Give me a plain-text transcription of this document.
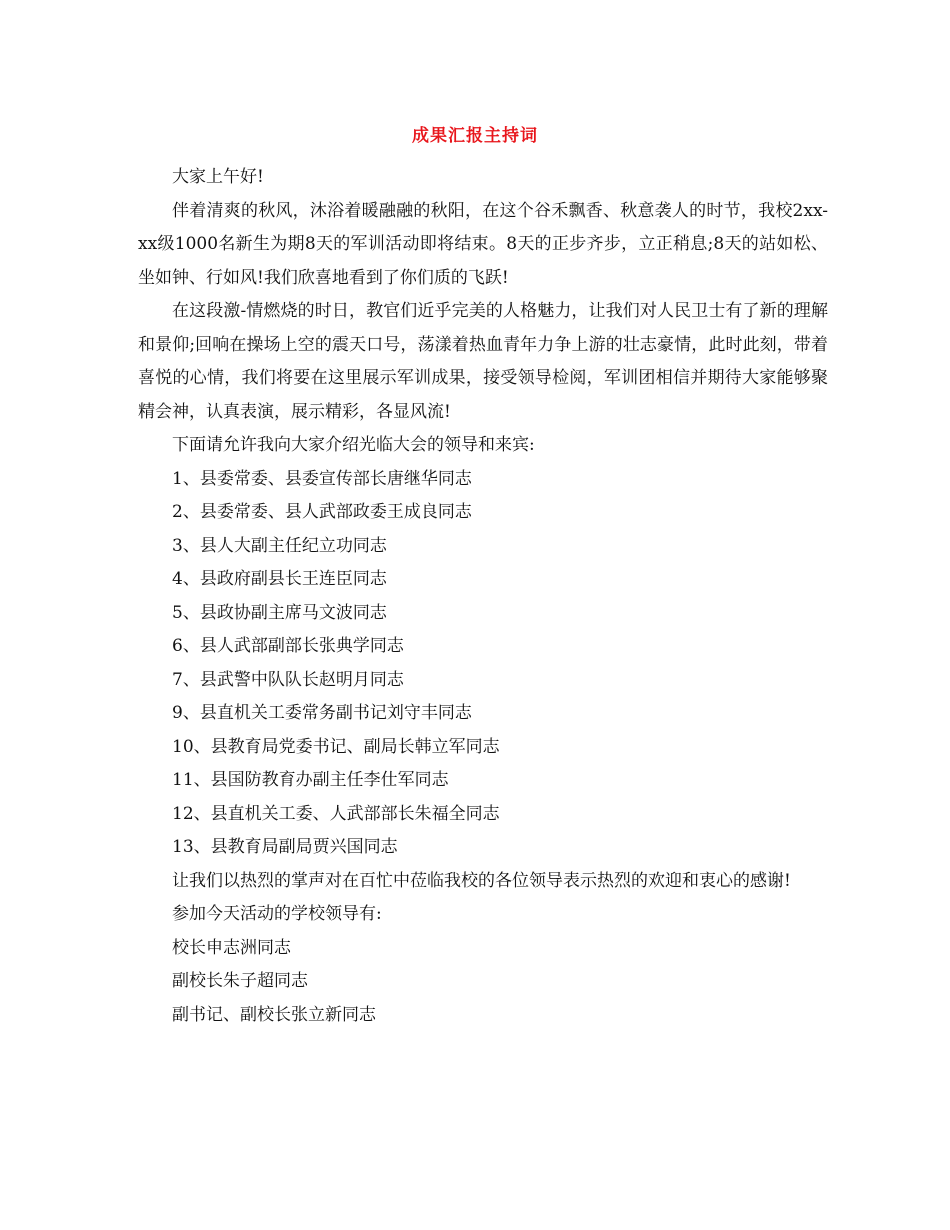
成果汇报主持词

大家上午好!

伴着清爽的秋风，沐浴着暖融融的秋阳，在这个谷禾飘香、秋意袭人的时节，我校2xx-xx级1000名新生为期8天的军训活动即将结束。8天的正步齐步，立正稍息;8天的站如松、坐如钟、行如风!我们欣喜地看到了你们质的飞跃!

在这段激-情燃烧的时日，教官们近乎完美的人格魅力，让我们对人民卫士有了新的理解和景仰;回响在操场上空的震天口号，荡漾着热血青年力争上游的壮志豪情，此时此刻，带着喜悦的心情，我们将要在这里展示军训成果，接受领导检阅，军训团相信并期待大家能够聚精会神，认真表演，展示精彩，各显风流!

下面请允许我向大家介绍光临大会的领导和来宾:

1、县委常委、县委宣传部长唐继华同志

2、县委常委、县人武部政委王成良同志

3、县人大副主任纪立功同志

4、县政府副县长王连臣同志

5、县政协副主席马文波同志

6、县人武部副部长张典学同志

7、县武警中队队长赵明月同志

9、县直机关工委常务副书记刘守丰同志

10、县教育局党委书记、副局长韩立军同志

11、县国防教育办副主任李仕军同志

12、县直机关工委、人武部部长朱福全同志

13、县教育局副局贾兴国同志

让我们以热烈的掌声对在百忙中莅临我校的各位领导表示热烈的欢迎和衷心的感谢!

参加今天活动的学校领导有:

校长申志洲同志

副校长朱子超同志

副书记、副校长张立新同志
